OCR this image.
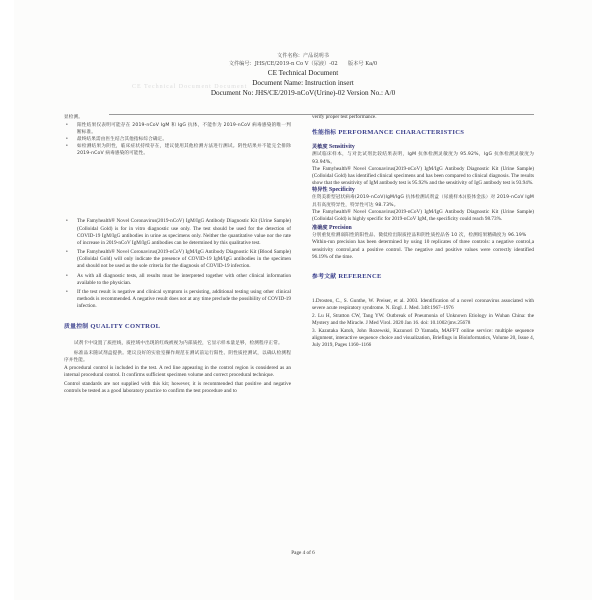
文件名称：产品说明书
文件编号：JHS/CE/2019-n Co V（尿液）-02　　版本号 Ka/0
CE Technical Document
Document Name: Instruction insert
Document No: JHS/CE/2019-nCoV(Urine)-02 Version No.: A/0
CE Technical Document Document

显检测。

• 阳性结果仅表明可能存在 2019-nCoV IgM 和 IgG 抗体，不能作为 2019-nCoV 病毒感染的唯一判断标准。
• 最终结果需由医生结合其他指标综合确定。
• 如检测结果为阴性，临床症状持续存在，建议使用其他检测方法进行测试。阴性结果并不能完全排除 2019-nCoV 病毒感染的可能性。
• The Famyhealth® Novel Coronavirus(2019-nCoV) IgM/IgG Antibody Diagnostic Kit (Urine Sample)(Colloidal Gold) is for in vitro diagnostic use only. The test should be used for the detection of COVID-19 IgM/IgG antibodies in urine as specimens only. Neither the quantitative value nor the rate of increase in 2019-nCoV IgM/IgG antibodies can be determined by this qualitative test.
• The Famyhealth® Novel Coronavirus(2019-nCoV) IgM/IgG Antibody Diagnostic Kit (Blood Sample)(Colloidal Gold) will only indicate the presence of COVID-19 IgM/IgG antibodies in the specimen and should not be used as the sole criteria for the diagnosis of COVID-19 infection.
• As with all diagnostic tests, all results must be interpreted together with other clinical information available to the physician.
• If the test result is negative and clinical symptom is persisting, additional testing using other clinical methods is recommended. A negative result does not at any time preclude the possibility of COVID-19 infection.
质量控制 QUALITY CONTROL

试剂卡中设置了质控线，质控域中出现的红线被视为内部质控，它显示样本量足够，检测程序正常。

标准品未随试剂盒提供。建议良好的实验室操作规范在测试前运行阳性、阴性质控测试，以确认检测程序并性能。

A procedural control is included in the test. A red line appearing in the control region is considered as an internal procedural control. It confirms sufficient specimen volume and correct procedural technique.

Control standards are not supplied with this kit; however, it is recommended that positive and negative controls be tested as a good laboratory practice to confirm the test procedure and to

verify proper test performance.

性能指标 PERFORMANCE CHARACTERISTICS
灵敏度 Sensitivity

测试临床样本，与对比试剂比较结果表明，IgM 抗体检测灵敏度为 95.92%，IgG 抗体检测灵敏度为 93.94%。

The Famyhealth® Novel Coronavirus(2019-nCoV) IgM/IgG Antibody Diagnostic Kit (Urine Sample)(Colloidal Gold) has identified clinical specimens and has been compared to clinical diagnosis. The results show that the sensitivity of IgM antibody test is 95.92% and the sensitivity of IgG antibody test is 93.94%.

特异性 Specificity

住资美新型冠状病毒(2019-nCoV)IgM/IgG 抗体检测试剂盒（尿液样本)(胶体金法）对 2019-nCoV IgM 具有高度特异性，特异性可达 98.73%。

The Famyhealth® Novel Coronavirus(2019-nCoV) IgM/IgG Antibody Diagnostic Kit (Urine Sample)(Colloidal Gold) is highly specific for 2019-nCoV IgM, the specificity could reach 98.73%.

准确度 Precision

分别重复检测弱阳性的阳性品、微低检出限质控品和阴性质控品各 10 次，检测结果精确度为 96.19%

Within-run precision has been determined by using 10 replicates of three controls: a negative control,a sensitivity control,and a positive control. The negative and positive values were correctly identified 96.19% of the time.

参考文献 REFERENCE

1.Drosten, C., S. Gunthe, W. Preiser, et al. 2003. Identification of a novel coronavirus associated with severe acute respiratory syndrome. N. Engl. J. Med. 348:1967–1976

2. Lu H, Stratton CW, Tang YW. Outbreak of Pneumonia of Unknown Etiology in Wuhan China: the Mystery and the Miracle. J Med Virol. 2020 Jan 16. doi: 10.1002/jmv.25678

3. Kazutaka Katoh, John Rozewski, Kazunori D Yamada, MAFFT online service: multiple sequence alignment, interactive sequence choice and visualization, Briefings in Bioinformatics, Volume 20, Issue 4, July 2019, Pages 1160–1166

Page 4 of 6
